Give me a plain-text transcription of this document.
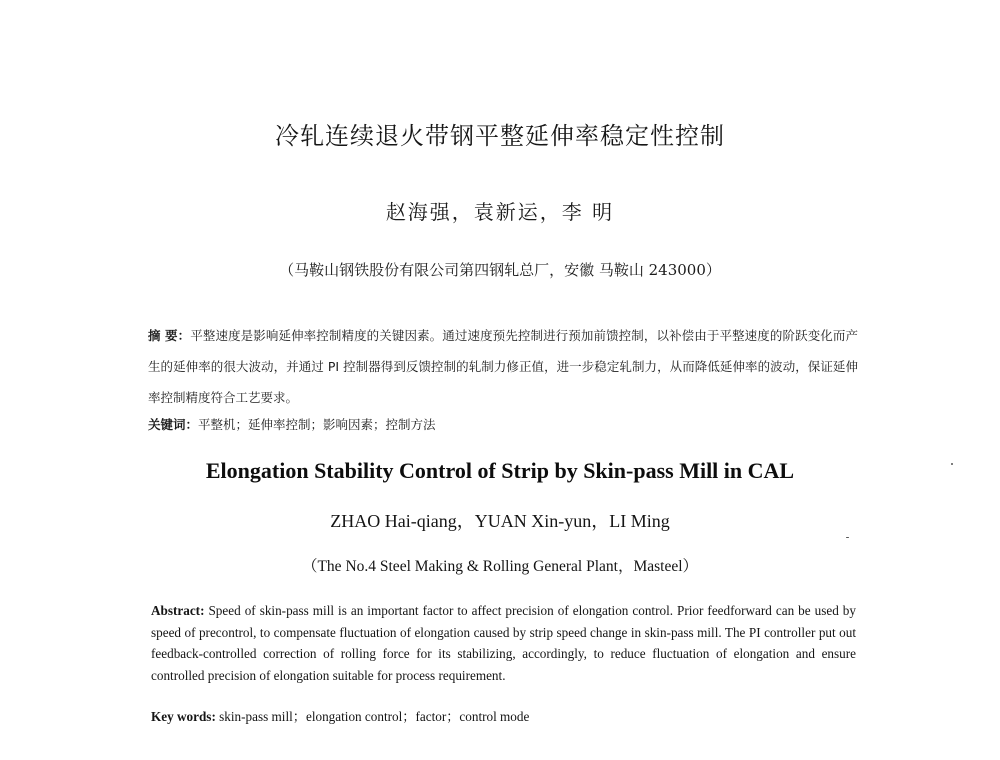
冷轧连续退火带钢平整延伸率稳定性控制
赵海强，袁新运，李 明
（马鞍山钢铁股份有限公司第四钢轧总厂，安徽 马鞍山 243000）
摘 要：平整速度是影响延伸率控制精度的关键因素。通过速度预先控制进行预加前馈控制，以补偿由于平整速度的阶跃变化而产生的延伸率的很大波动，并通过 PI 控制器得到反馈控制的轧制力修正值，进一步稳定轧制力，从而降低延伸率的波动，保证延伸率控制精度符合工艺要求。
关键词：平整机；延伸率控制；影响因素；控制方法
Elongation Stability Control of Strip by Skin-pass Mill in CAL
ZHAO Hai-qiang，YUAN Xin-yun，LI Ming
（The No.4 Steel Making & Rolling General Plant，Masteel）
Abstract: Speed of skin-pass mill is an important factor to affect precision of elongation control. Prior feedforward can be used by speed of precontrol, to compensate fluctuation of elongation caused by strip speed change in skin-pass mill. The PI controller put out feedback-controlled correction of rolling force for its stabilizing, accordingly, to reduce fluctuation of elongation and ensure controlled precision of elongation suitable for process requirement.
Key words: skin-pass mill；elongation control；factor；control mode
